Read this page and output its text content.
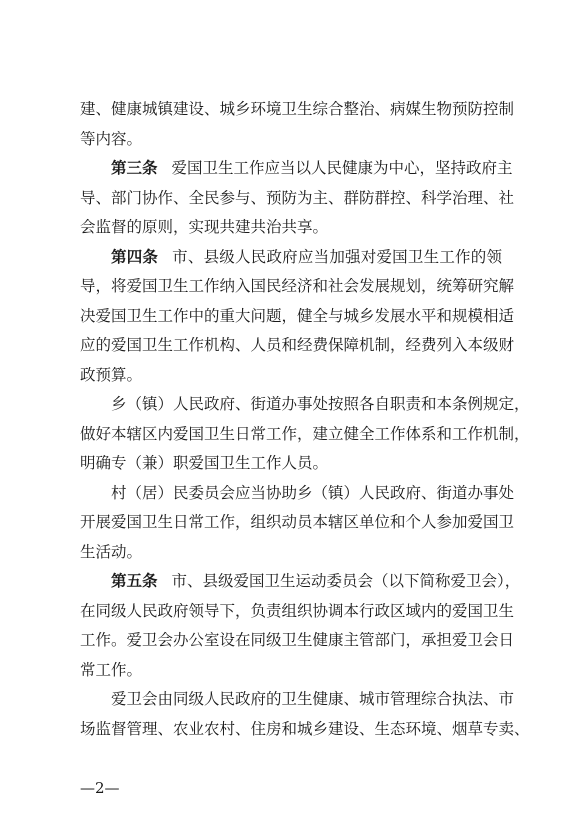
建、健康城镇建设、城乡环境卫生综合整治、病媒生物预防控制
等内容。
第三条 爱国卫生工作应当以人民健康为中心，坚持政府主
导、部门协作、全民参与、预防为主、群防群控、科学治理、社
会监督的原则，实现共建共治共享。
第四条 市、县级人民政府应当加强对爱国卫生工作的领
导，将爱国卫生工作纳入国民经济和社会发展规划，统筹研究解
决爱国卫生工作中的重大问题，健全与城乡发展水平和规模相适
应的爱国卫生工作机构、人员和经费保障机制，经费列入本级财
政预算。
乡（镇）人民政府、街道办事处按照各自职责和本条例规定，
做好本辖区内爱国卫生日常工作，建立健全工作体系和工作机制，
明确专（兼）职爱国卫生工作人员。
村（居）民委员会应当协助乡（镇）人民政府、街道办事处
开展爱国卫生日常工作，组织动员本辖区单位和个人参加爱国卫
生活动。
第五条 市、县级爱国卫生运动委员会（以下简称爱卫会），
在同级人民政府领导下，负责组织协调本行政区域内的爱国卫生
工作。爱卫会办公室设在同级卫生健康主管部门，承担爱卫会日
常工作。
爱卫会由同级人民政府的卫生健康、城市管理综合执法、市
场监督管理、农业农村、住房和城乡建设、生态环境、烟草专卖、
—2—
